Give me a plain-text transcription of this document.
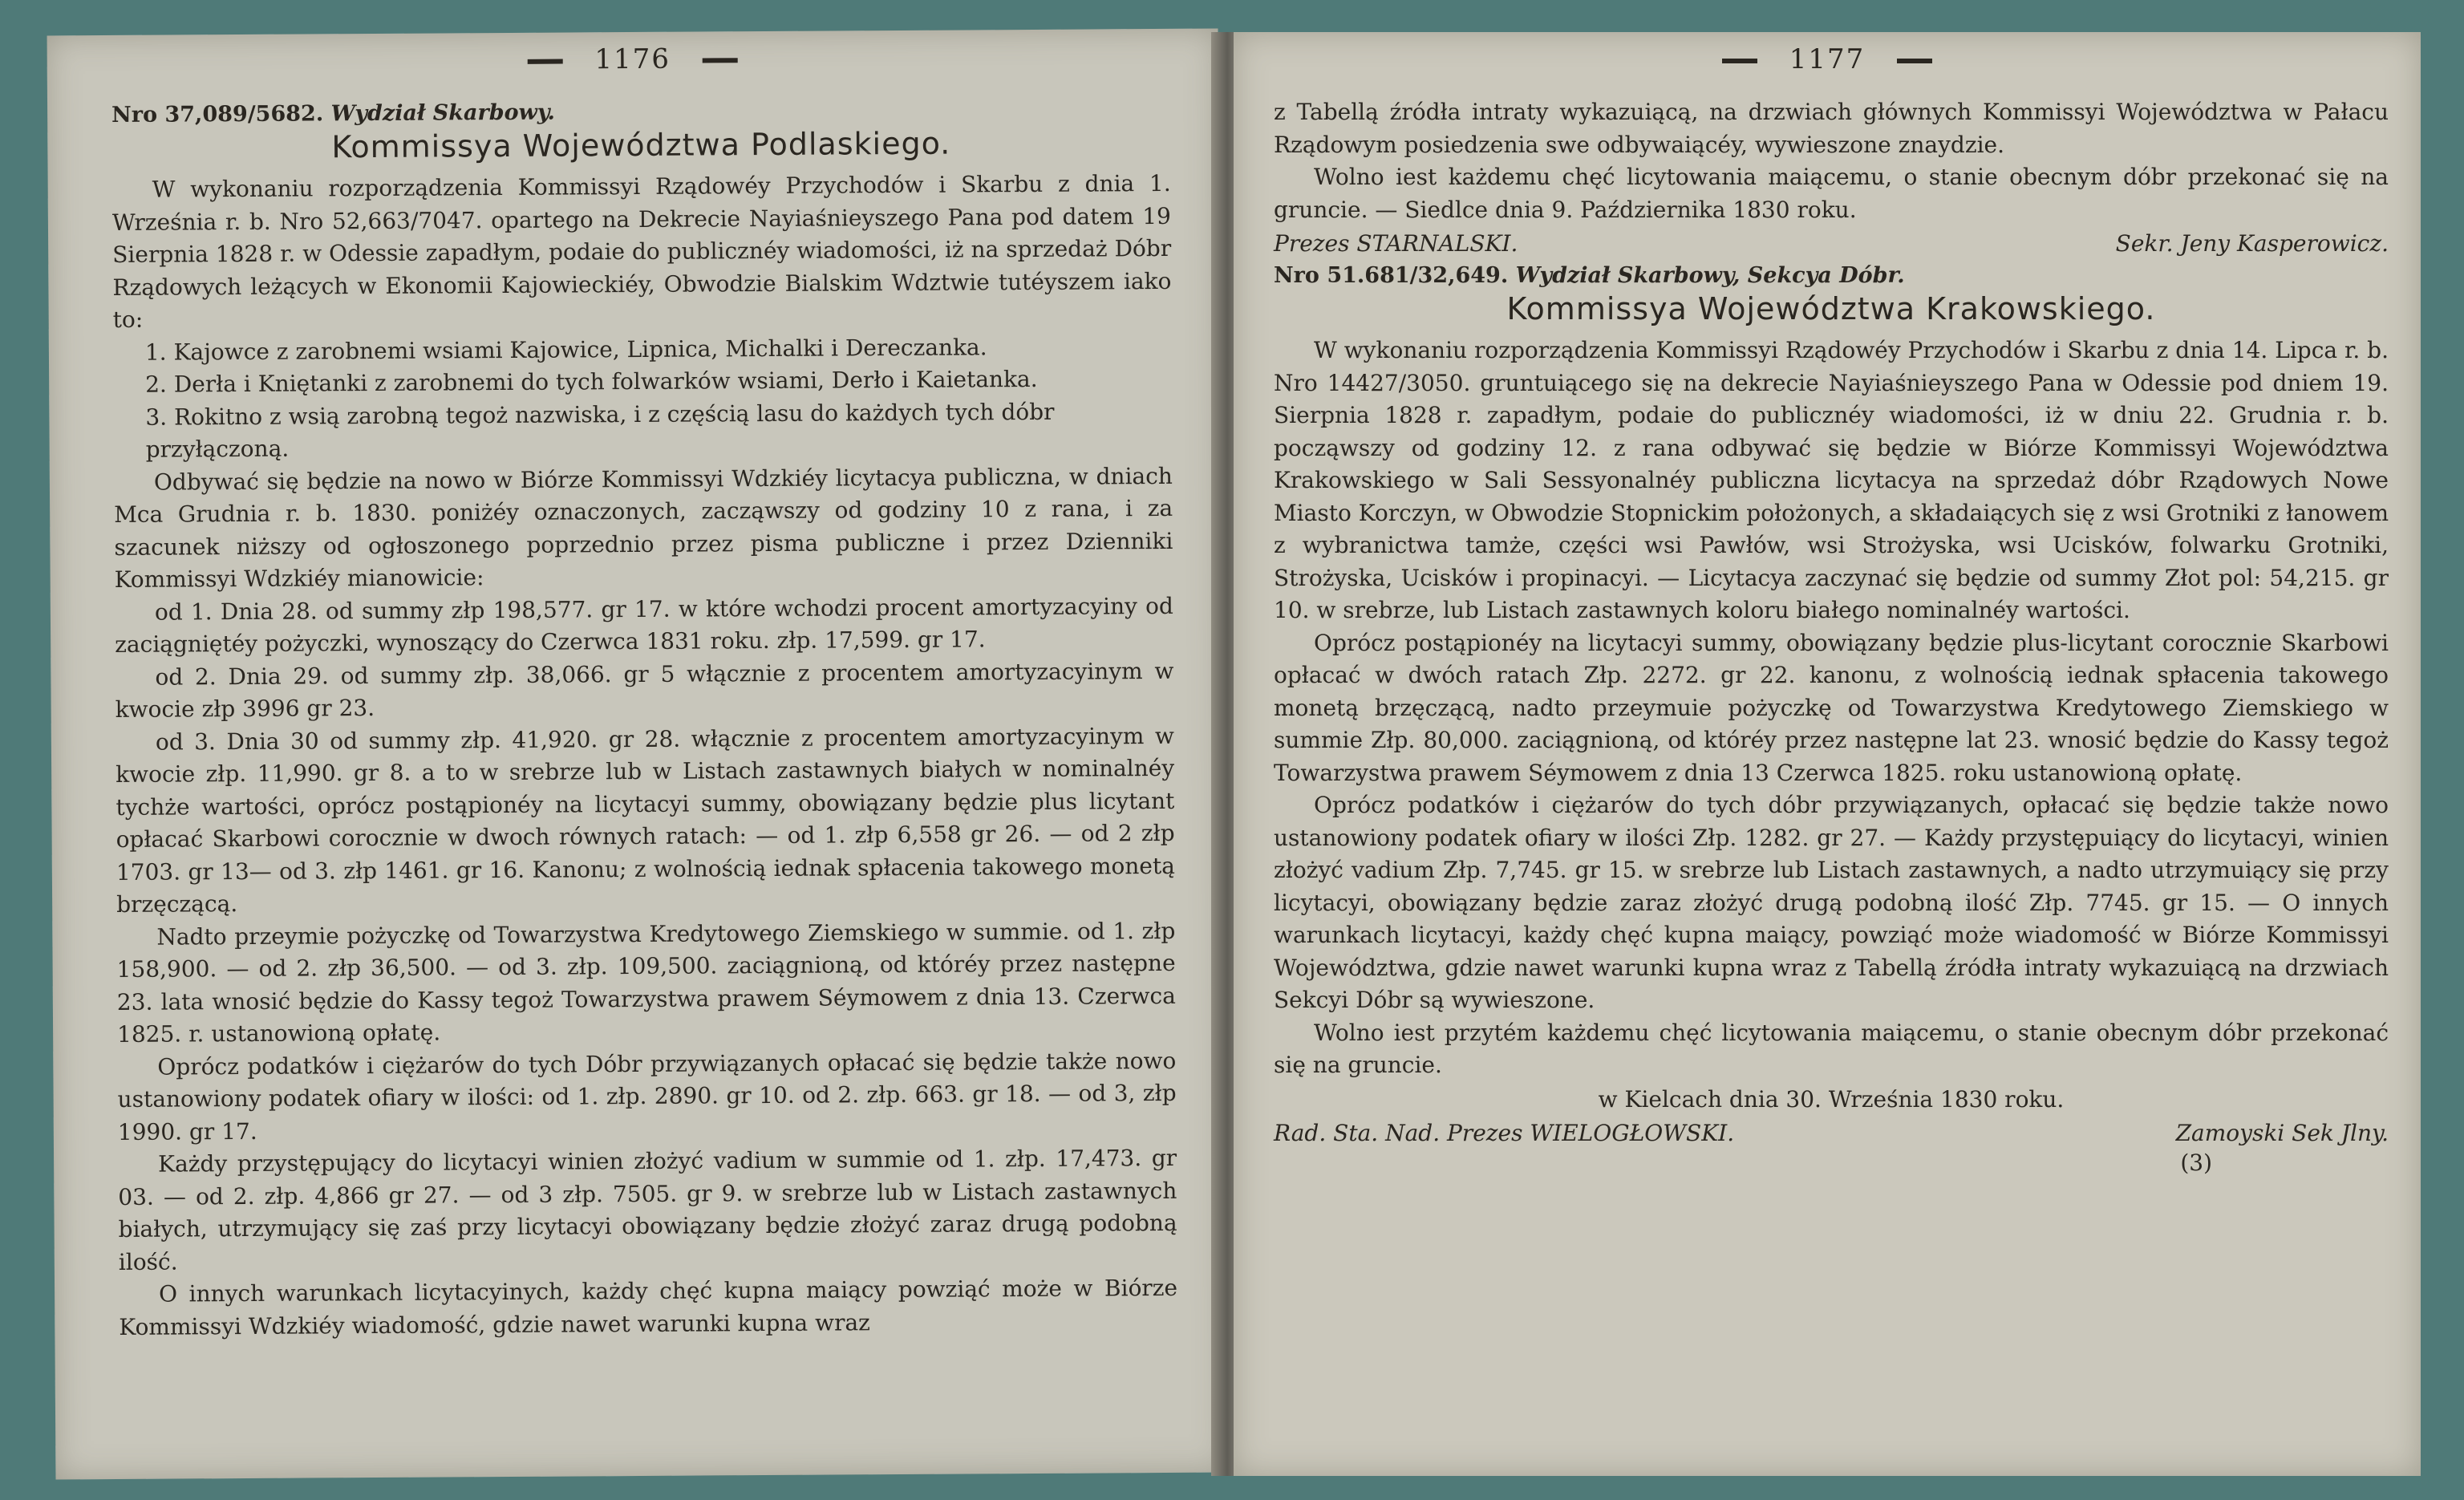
1176
Nro 37,089/5682. Wydział Skarbowy.
Kommissya Województwa Podlaskiego.

W wykonaniu rozporządzenia Kommissyi Rządowéy Przychodów i Skarbu z dnia 1. Września r. b. Nro 52,663/7047. opartego na Dekrecie Nayiaśnieyszego Pana pod datem 19 Sierpnia 1828 r. w Odessie zapadłym, podaie do publicznéy wiadomości, iż na sprzedaż Dóbr Rządowych leżących w Ekonomii Kajowieckiéy, Obwodzie Bialskim Wdztwie tutéyszem iako to:

1. Kajowce z zarobnemi wsiami Kajowice, Lipnica, Michalki i Dereczanka.
2. Derła i Kniętanki z zarobnemi do tych folwarków wsiami, Derło i Kaietanka.
3. Rokitno z wsią zarobną tegoż nazwiska, i z częścią lasu do każdych tych dóbr przyłączoną.

Odbywać się będzie na nowo w Biórze Kommissyi Wdzkiéy licytacya publiczna, w dniach Mca Grudnia r. b. 1830. poniżéy oznaczonych, zacząwszy od godziny 10 z rana, i za szacunek niższy od ogłoszonego poprzednio przez pisma publiczne i przez Dzienniki Kommissyi Wdzkiéy mianowicie:

od 1. Dnia 28. od summy złp 198,577. gr 17. w które wchodzi procent amortyzacyiny od zaciągniętéy pożyczki, wynoszący do Czerwca 1831 roku. złp. 17,599. gr 17.

od 2. Dnia 29. od summy złp. 38,066. gr 5 włącznie z procentem amortyzacyinym w kwocie złp 3996 gr 23.

od 3. Dnia 30 od summy złp. 41,920. gr 28. włącznie z procentem amortyzacyinym w kwocie złp. 11,990. gr 8. a to w srebrze lub w Listach zastawnych białych w nominalnéy tychże wartości, oprócz postąpionéy na licytacyi summy, obowiązany będzie plus licytant opłacać Skarbowi corocznie w dwoch równych ratach: — od 1. złp 6,558 gr 26. — od 2 złp 1703. gr 13— od 3. złp 1461. gr 16. Kanonu; z wolnością iednak spłacenia takowego monetą brzęczącą.

Nadto przeymie pożyczkę od Towarzystwa Kredytowego Ziemskiego w summie. od 1. złp 158,900. — od 2. złp 36,500. — od 3. złp. 109,500. zaciągnioną, od któréy przez następne 23. lata wnosić będzie do Kassy tegoż Towarzystwa prawem Séymowem z dnia 13. Czerwca 1825. r. ustanowioną opłatę.

Oprócz podatków i ciężarów do tych Dóbr przywiązanych opłacać się będzie także nowo ustanowiony podatek ofiary w ilości: od 1. złp. 2890. gr 10. od 2. złp. 663. gr 18. — od 3, złp 1990. gr 17.

Każdy przystępujący do licytacyi winien złożyć vadium w summie od 1. złp. 17,473. gr 03. — od 2. złp. 4,866 gr 27. — od 3 złp. 7505. gr 9. w srebrze lub w Listach zastawnych białych, utrzymujący się zaś przy licytacyi obowiązany będzie złożyć zaraz drugą podobną ilość.

O innych warunkach licytacyinych, każdy chęć kupna maiący powziąć może w Biórze Kommissyi Wdzkiéy wiadomość, gdzie nawet warunki kupna wraz

1177

z Tabellą źródła intraty wykazuiącą, na drzwiach głównych Kommissyi Województwa w Pałacu Rządowym posiedzenia swe odbywaiącéy, wywieszone znaydzie.

Wolno iest każdemu chęć licytowania maiącemu, o stanie obecnym dóbr przekonać się na gruncie. — Siedlce dnia 9. Października 1830 roku.

Prezes STARNALSKI.	Sekr. Jeny Kasperowicz.
Nro 51.681/32,649. Wydział Skarbowy, Sekcya Dóbr.
Kommissya Województwa Krakowskiego.

W wykonaniu rozporządzenia Kommissyi Rządowéy Przychodów i Skarbu z dnia 14. Lipca r. b. Nro 14427/3050. gruntuiącego się na dekrecie Nayiaśnieyszego Pana w Odessie pod dniem 19. Sierpnia 1828 r. zapadłym, podaie do publicznéy wiadomości, iż w dniu 22. Grudnia r. b. począwszy od godziny 12. z rana odbywać się będzie w Biórze Kommissyi Województwa Krakowskiego w Sali Sessyonalnéy publiczna licytacya na sprzedaż dóbr Rządowych Nowe Miasto Korczyn, w Obwodzie Stopnickim położonych, a składaiących się z wsi Grotniki z łanowem z wybranictwa tamże, części wsi Pawłów, wsi Strożyska, wsi Ucisków, folwarku Grotniki, Strożyska, Ucisków i propinacyi. — Licytacya zaczynać się będzie od summy Złot pol: 54,215. gr 10. w srebrze, lub Listach zastawnych koloru białego nominalnéy wartości.

Oprócz postąpionéy na licytacyi summy, obowiązany będzie plus-licytant corocznie Skarbowi opłacać w dwóch ratach Złp. 2272. gr 22. kanonu, z wolnością iednak spłacenia takowego monetą brzęczącą, nadto przeymuie pożyczkę od Towarzystwa Kredytowego Ziemskiego w summie Złp. 80,000. zaciągnioną, od któréy przez następne lat 23. wnosić będzie do Kassy tegoż Towarzystwa prawem Séymowem z dnia 13 Czerwca 1825. roku ustanowioną opłatę.

Oprócz podatków i ciężarów do tych dóbr przywiązanych, opłacać się będzie także nowo ustanowiony podatek ofiary w ilości Złp. 1282. gr 27. — Każdy przystępuiący do licytacyi, winien złożyć vadium Złp. 7,745. gr 15. w srebrze lub Listach zastawnych, a nadto utrzymuiący się przy licytacyi, obowiązany będzie zaraz złożyć drugą podobną ilość Złp. 7745. gr 15. — O innych warunkach licytacyi, każdy chęć kupna maiący, powziąć może wiadomość w Biórze Kommissyi Województwa, gdzie nawet warunki kupna wraz z Tabellą źródła intraty wykazuiącą na drzwiach Sekcyi Dóbr są wywieszone.

Wolno iest przytém każdemu chęć licytowania maiącemu, o stanie obecnym dóbr przekonać się na gruncie.

w Kielcach dnia 30. Września 1830 roku.
Rad. Sta. Nad. Prezes WIELOGŁOWSKI.	Zamoyski Sek Jlny.
(3)
